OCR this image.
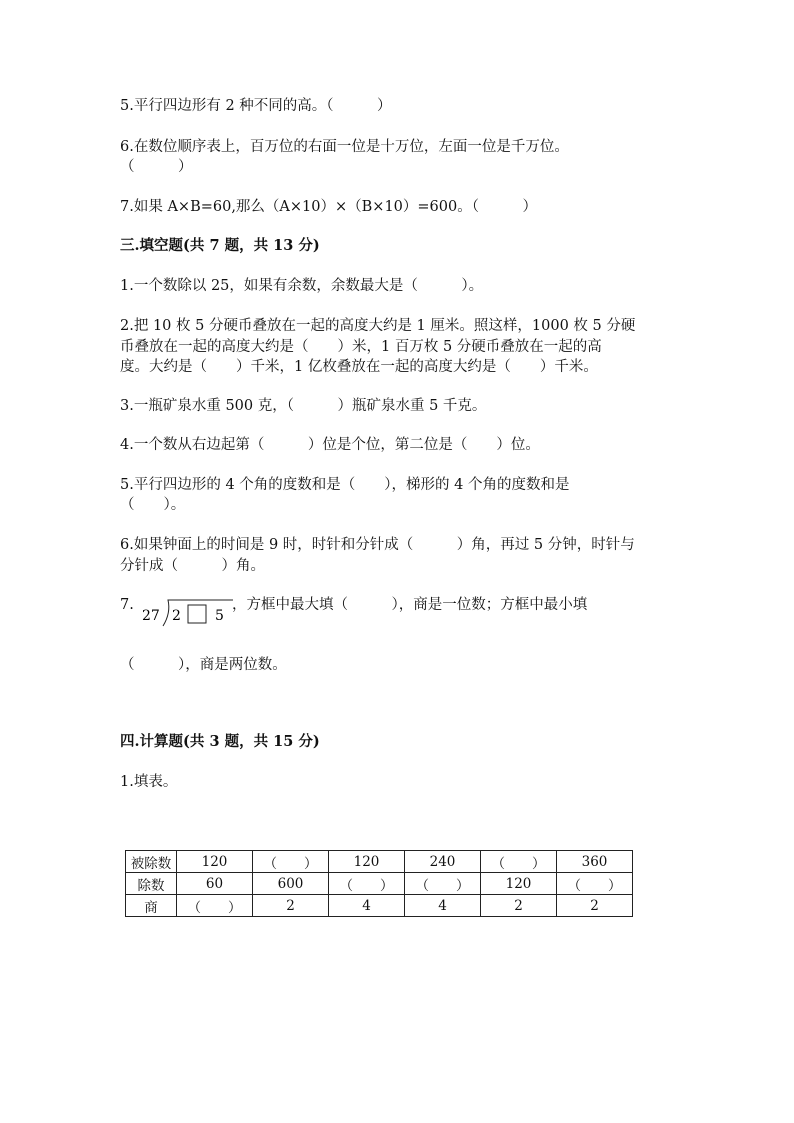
5.平行四边形有 2 种不同的高。（　　　）
6.在数位顺序表上，百万位的右面一位是十万位，左面一位是千万位。
（　　　）
7.如果 A×B=60,那么（A×10）×（B×10）=600。（　　　）
三.填空题(共 7 题，共 13 分)
1.一个数除以 25，如果有余数，余数最大是（　　　）。
2.把 10 枚 5 分硬币叠放在一起的高度大约是 1 厘米。照这样，1000 枚 5 分硬
币叠放在一起的高度大约是（　　）米，1 百万枚 5 分硬币叠放在一起的高
度。大约是（　　）千米，1 亿枚叠放在一起的高度大约是（　　）千米。
3.一瓶矿泉水重 500 克，（　　　）瓶矿泉水重 5 千克。
4.一个数从右边起第（　　　）位是个位，第二位是（　　）位。
5.平行四边形的 4 个角的度数和是（　　），梯形的 4 个角的度数和是
（　　）。
6.如果钟面上的时间是 9 时，时针和分针成（　　　）角，再过 5 分钟，时针与
分针成（　　　）角。
7.
27 2 5
，方框中最大填（　　　），商是一位数；方框中最小填
（　　　），商是两位数。
四.计算题(共 3 题，共 15 分)
1.填表。
被除数	120	（　　）	120	240	（　　）	360
除数	60	600	（　　）	（　　）	120	（　　）
商	（　　）	2	4	4	2	2
